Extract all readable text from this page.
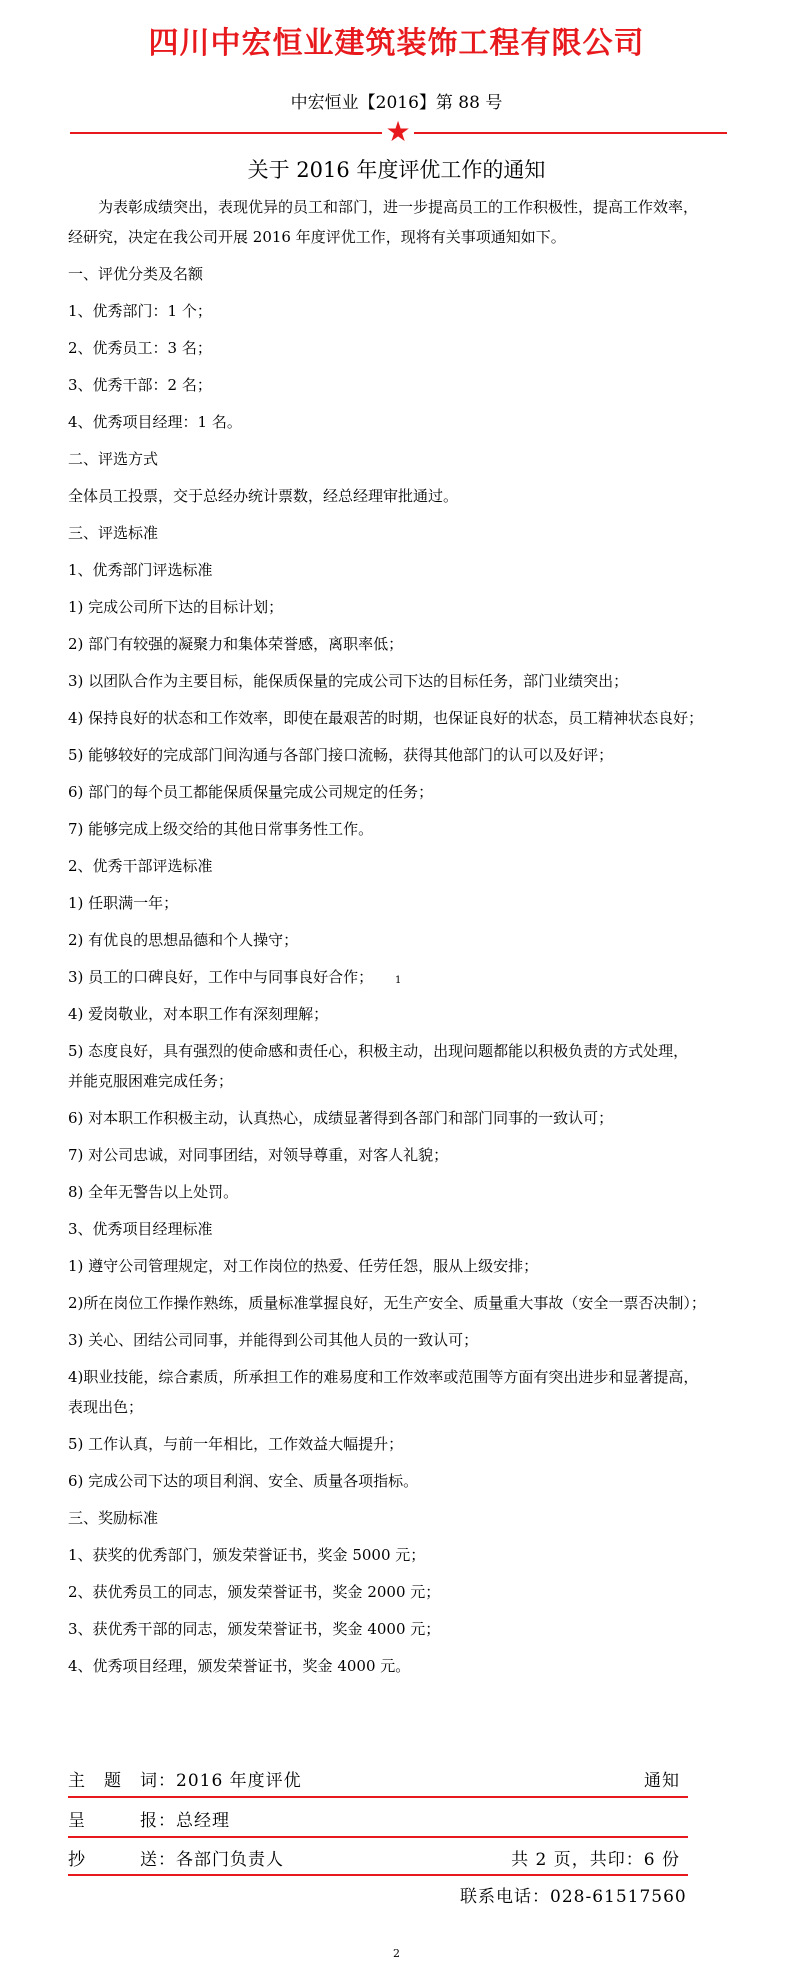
四川中宏恒业建筑装饰工程有限公司
中宏恒业【2016】第 88 号
★
关于 2016 年度评优工作的通知
　　为表彰成绩突出，表现优异的员工和部门，进一步提高员工的工作积极性，提高工作效率，
经研究，决定在我公司开展 2016 年度评优工作，现将有关事项通知如下。
一、评优分类及名额
1、优秀部门：1 个；
2、优秀员工：3 名；
3、优秀干部：2 名；
4、优秀项目经理：1 名。
二、评选方式
全体员工投票，交于总经办统计票数，经总经理审批通过。
三、评选标准
1、优秀部门评选标准
1) 完成公司所下达的目标计划；
2) 部门有较强的凝聚力和集体荣誉感，离职率低；
3) 以团队合作为主要目标，能保质保量的完成公司下达的目标任务，部门业绩突出；
4) 保持良好的状态和工作效率，即使在最艰苦的时期，也保证良好的状态，员工精神状态良好；
5) 能够较好的完成部门间沟通与各部门接口流畅，获得其他部门的认可以及好评；
6) 部门的每个员工都能保质保量完成公司规定的任务；
7) 能够完成上级交给的其他日常事务性工作。
2、优秀干部评选标准
1) 任职满一年；
2) 有优良的思想品德和个人操守；
3) 员工的口碑良好，工作中与同事良好合作；
4) 爱岗敬业，对本职工作有深刻理解；
5) 态度良好，具有强烈的使命感和责任心，积极主动，出现问题都能以积极负责的方式处理，
并能克服困难完成任务；
6) 对本职工作积极主动，认真热心，成绩显著得到各部门和部门同事的一致认可；
7) 对公司忠诚，对同事团结，对领导尊重，对客人礼貌；
8) 全年无警告以上处罚。
3、优秀项目经理标准
1) 遵守公司管理规定，对工作岗位的热爱、任劳任怨，服从上级安排；
2)所在岗位工作操作熟练，质量标准掌握良好，无生产安全、质量重大事故（安全一票否决制）；
3) 关心、团结公司同事，并能得到公司其他人员的一致认可；
4)职业技能，综合素质，所承担工作的难易度和工作效率或范围等方面有突出进步和显著提高，
表现出色；
5) 工作认真，与前一年相比，工作效益大幅提升；
6) 完成公司下达的项目利润、安全、质量各项指标。
三、奖励标准
1、获奖的优秀部门，颁发荣誉证书，奖金 5000 元；
2、获优秀员工的同志，颁发荣誉证书，奖金 2000 元；
3、获优秀干部的同志，颁发荣誉证书，奖金 4000 元；
4、优秀项目经理，颁发荣誉证书，奖金 4000 元。
1
主　题　词：2016 年度评优	通知
呈　　　报：总经理
抄　　　送：各部门负责人	共 2 页，共印：6 份
联系电话：028-61517560
2
